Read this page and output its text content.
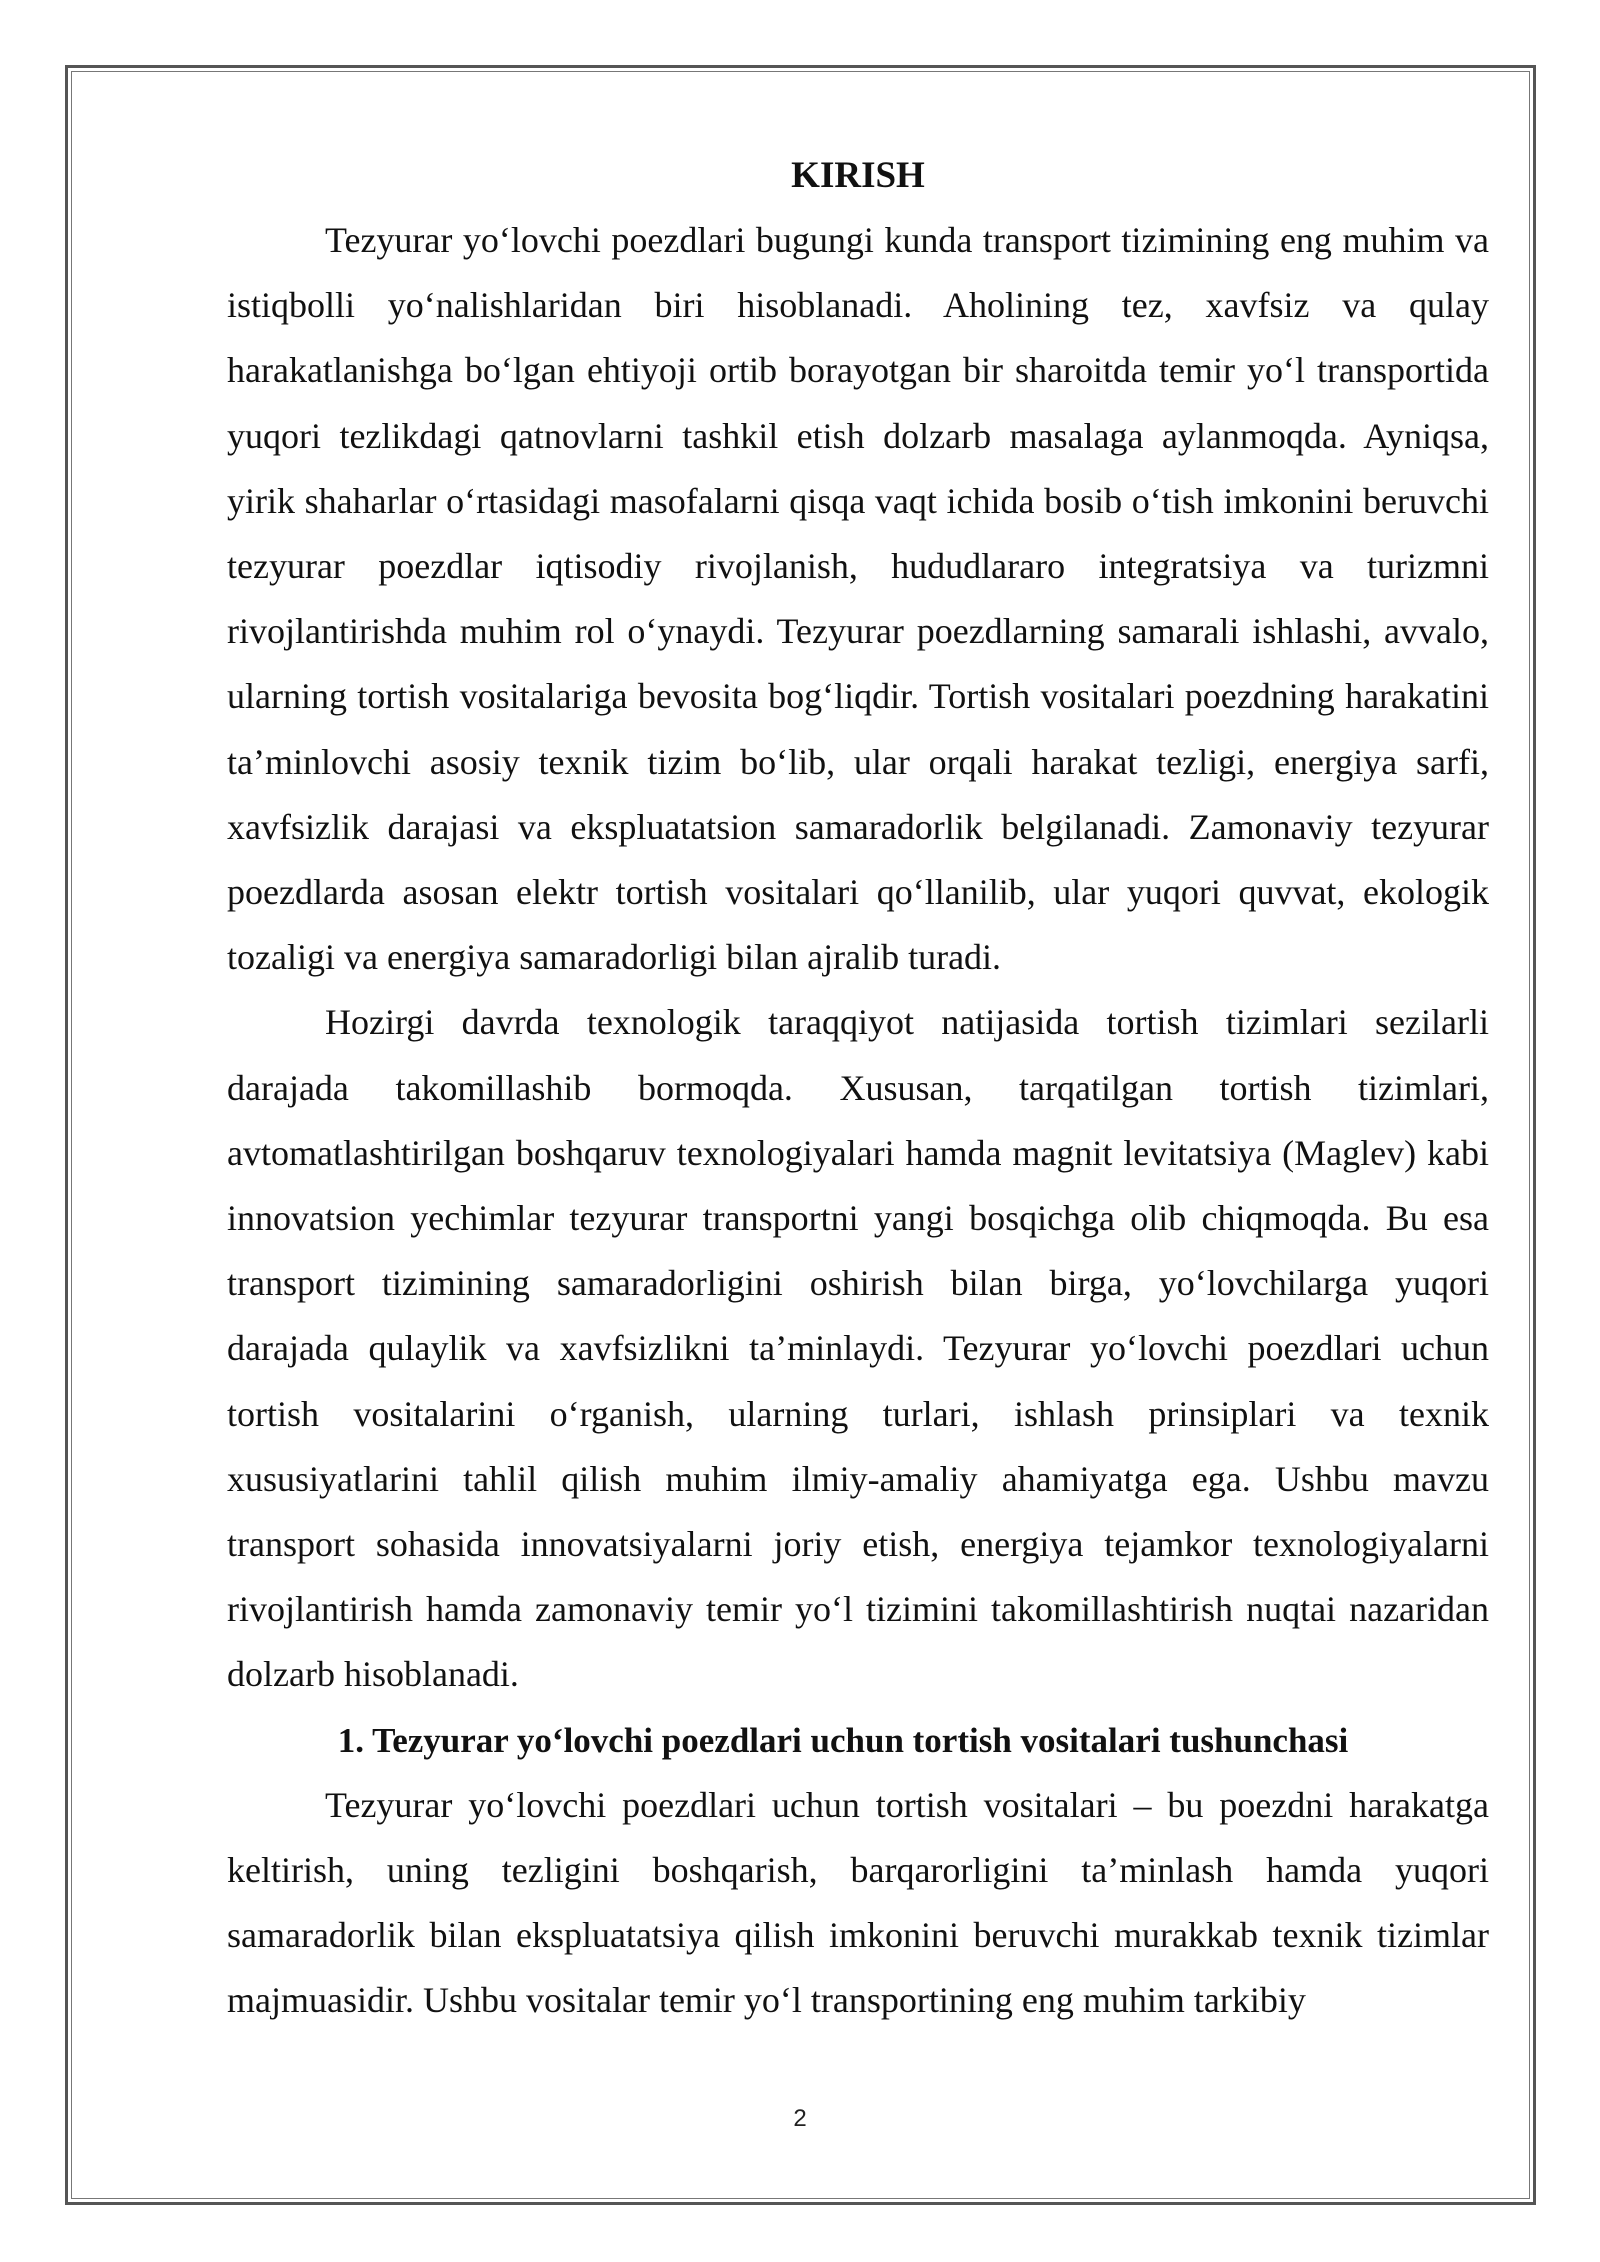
KIRISH

Tezyurar yo‘lovchi poezdlari bugungi kunda transport tizimining eng muhim va istiqbolli yo‘nalishlaridan biri hisoblanadi. Aholining tez, xavfsiz va qulay harakatlanishga bo‘lgan ehtiyoji ortib borayotgan bir sharoitda temir yo‘l transportida yuqori tezlikdagi qatnovlarni tashkil etish dolzarb masalaga aylanmoqda. Ayniqsa, yirik shaharlar o‘rtasidagi masofalarni qisqa vaqt ichida bosib o‘tish imkonini beruvchi tezyurar poezdlar iqtisodiy rivojlanish, hududlararo integratsiya va turizmni rivojlantirishda muhim rol o‘ynaydi. Tezyurar poezdlarning samarali ishlashi, avvalo, ularning tortish vositalariga bevosita bog‘liqdir. Tortish vositalari poezdning harakatini ta’minlovchi asosiy texnik tizim bo‘lib, ular orqali harakat tezligi, energiya sarfi, xavfsizlik darajasi va ekspluatatsion samaradorlik belgilanadi. Zamonaviy tezyurar poezdlarda asosan elektr tortish vositalari qo‘llanilib, ular yuqori quvvat, ekologik tozaligi va energiya samaradorligi bilan ajralib turadi.

Hozirgi davrda texnologik taraqqiyot natijasida tortish tizimlari sezilarli darajada takomillashib bormoqda. Xususan, tarqatilgan tortish tizimlari, avtomatlashtirilgan boshqaruv texnologiyalari hamda magnit levitatsiya (Maglev) kabi innovatsion yechimlar tezyurar transportni yangi bosqichga olib chiqmoqda. Bu esa transport tizimining samaradorligini oshirish bilan birga, yo‘lovchilarga yuqori darajada qulaylik va xavfsizlikni ta’minlaydi. Tezyurar yo‘lovchi poezdlari uchun tortish vositalarini o‘rganish, ularning turlari, ishlash prinsiplari va texnik xususiyatlarini tahlil qilish muhim ilmiy-amaliy ahamiyatga ega. Ushbu mavzu transport sohasida innovatsiyalarni joriy etish, energiya tejamkor texnologiyalarni rivojlantirish hamda zamonaviy temir yo‘l tizimini takomillashtirish nuqtai nazaridan dolzarb hisoblanadi.

1. Tezyurar yo‘lovchi poezdlari uchun tortish vositalari tushunchasi

Tezyurar yo‘lovchi poezdlari uchun tortish vositalari – bu poezdni harakatga keltirish, uning tezligini boshqarish, barqarorligini ta’minlash hamda yuqori samaradorlik bilan ekspluatatsiya qilish imkonini beruvchi murakkab texnik tizimlar majmuasidir. Ushbu vositalar temir yo‘l transportining eng muhim tarkibiy

2
